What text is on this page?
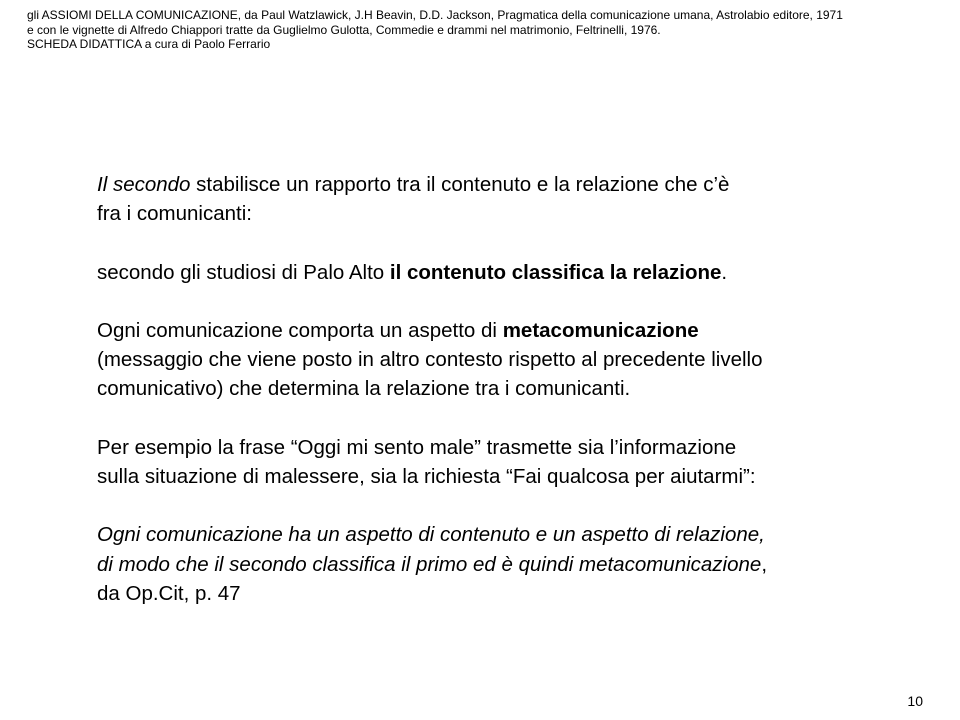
gli ASSIOMI DELLA COMUNICAZIONE, da Paul Watzlawick, J.H Beavin, D.D. Jackson, Pragmatica della comunicazione umana, Astrolabio editore, 1971
e con le vignette di Alfredo Chiappori tratte da Guglielmo Gulotta, Commedie e drammi nel matrimonio, Feltrinelli, 1976.
SCHEDA DIDATTICA a cura di Paolo Ferrario

Il secondo stabilisce un rapporto tra il contenuto e la relazione che c’è
fra i comunicanti:

secondo gli studiosi di Palo Alto il contenuto classifica la relazione.

Ogni comunicazione comporta un aspetto di metacomunicazione
(messaggio che viene posto in altro contesto rispetto al precedente livello
comunicativo) che determina la relazione tra i comunicanti.

Per esempio la frase “Oggi mi sento male” trasmette sia l’informazione
sulla situazione di malessere, sia la richiesta “Fai qualcosa per aiutarmi”:

Ogni comunicazione ha un aspetto di contenuto e un aspetto di relazione,
di modo che il secondo classifica il primo ed è quindi metacomunicazione,
da Op.Cit, p. 47

10
